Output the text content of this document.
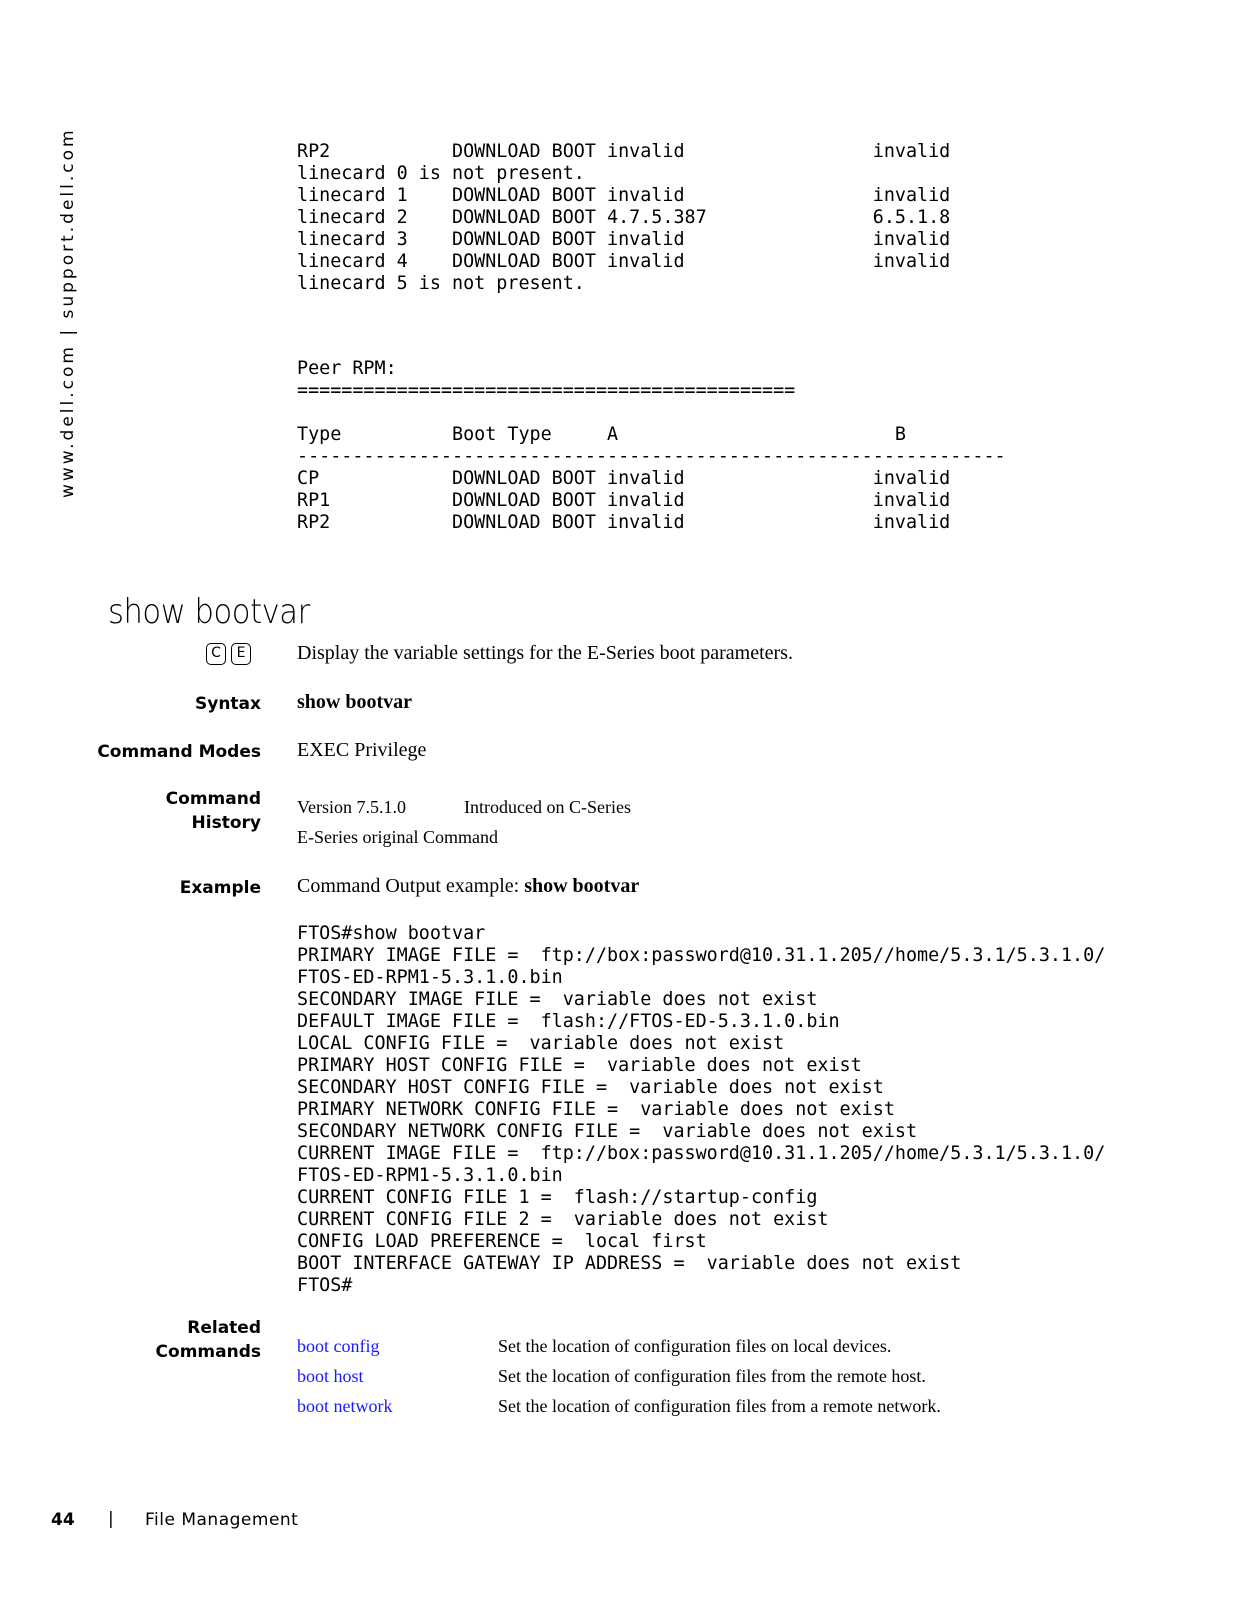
www.dell.com | support.dell.com	RP2           DOWNLOAD BOOT invalid                 invalid
linecard 0 is not present.
linecard 1    DOWNLOAD BOOT invalid                 invalid
linecard 2    DOWNLOAD BOOT 4.7.5.387               6.5.1.8
linecard 3    DOWNLOAD BOOT invalid                 invalid
linecard 4    DOWNLOAD BOOT invalid                 invalid
linecard 5 is not present.
Peer RPM:
=============================================

Type          Boot Type     A                         B
----------------------------------------------------------------
CP            DOWNLOAD BOOT invalid                 invalid
RP1           DOWNLOAD BOOT invalid                 invalid
RP2           DOWNLOAD BOOT invalid                 invalid
show bootvar
C	E	Display the variable settings for the E-Series boot parameters.
Syntax show bootvar
Command Modes EXEC Privilege
Command
History
Version 7.5.1.0	Introduced on C-Series
E-Series original Command
Example Command Output example: show bootvar
FTOS#show bootvar
PRIMARY IMAGE FILE =  ftp://box:password@10.31.1.205//home/5.3.1/5.3.1.0/
FTOS-ED-RPM1-5.3.1.0.bin
SECONDARY IMAGE FILE =  variable does not exist
DEFAULT IMAGE FILE =  flash://FTOS-ED-5.3.1.0.bin
LOCAL CONFIG FILE =  variable does not exist
PRIMARY HOST CONFIG FILE =  variable does not exist
SECONDARY HOST CONFIG FILE =  variable does not exist
PRIMARY NETWORK CONFIG FILE =  variable does not exist
SECONDARY NETWORK CONFIG FILE =  variable does not exist
CURRENT IMAGE FILE =  ftp://box:password@10.31.1.205//home/5.3.1/5.3.1.0/
FTOS-ED-RPM1-5.3.1.0.bin
CURRENT CONFIG FILE 1 =  flash://startup-config
CURRENT CONFIG FILE 2 =  variable does not exist
CONFIG LOAD PREFERENCE =  local first
BOOT INTERFACE GATEWAY IP ADDRESS =  variable does not exist
FTOS#
Related
Commands boot config	Set the location of configuration files on local devices.
boot host	Set the location of configuration files from the remote host.
boot network	Set the location of configuration files from a remote network.
44 | File Management
